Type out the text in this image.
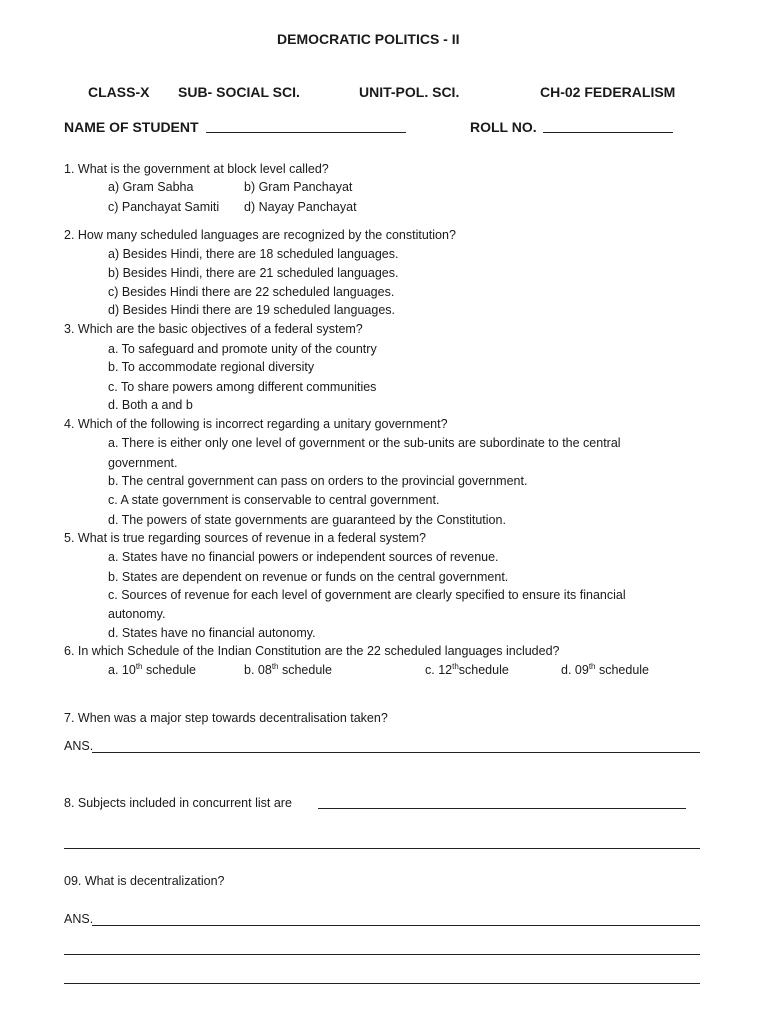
DEMOCRATIC POLITICS - II
CLASS-X SUB- SOCIAL SCI.	UNIT-POL. SCI.	CH-02 FEDERALISM
NAME OF STUDENT	ROLL NO.
1. What is the government at block level called?
a) Gram Sabha	b) Gram Panchayat
c) Panchayat Samiti d) Nayay Panchayat
2. How many scheduled languages are recognized by the constitution?
a) Besides Hindi, there are 18 scheduled languages.
b) Besides Hindi, there are 21 scheduled languages.
c) Besides Hindi there are 22 scheduled languages.
d) Besides Hindi there are 19 scheduled languages.
3. Which are the basic objectives of a federal system?
a. To safeguard and promote unity of the country
b. To accommodate regional diversity
c. To share powers among different communities
d. Both a and b
4. Which of the following is incorrect regarding a unitary government?
a. There is either only one level of government or the sub-units are subordinate to the central
government.
b. The central government can pass on orders to the provincial government.
c. A state government is conservable to central government.
d. The powers of state governments are guaranteed by the Constitution.
5. What is true regarding sources of revenue in a federal system?
a. States have no financial powers or independent sources of revenue.
b. States are dependent on revenue or funds on the central government.
c. Sources of revenue for each level of government are clearly specified to ensure its financial
autonomy.
d. States have no financial autonomy.
6. In which Schedule of the Indian Constitution are the 22 scheduled languages included?
a. 10th schedule	b. 08th schedule	c. 12thschedule	d. 09th schedule
7. When was a major step towards decentralisation taken?
ANS.
8. Subjects included in concurrent list are
09. What is decentralization?
ANS.
